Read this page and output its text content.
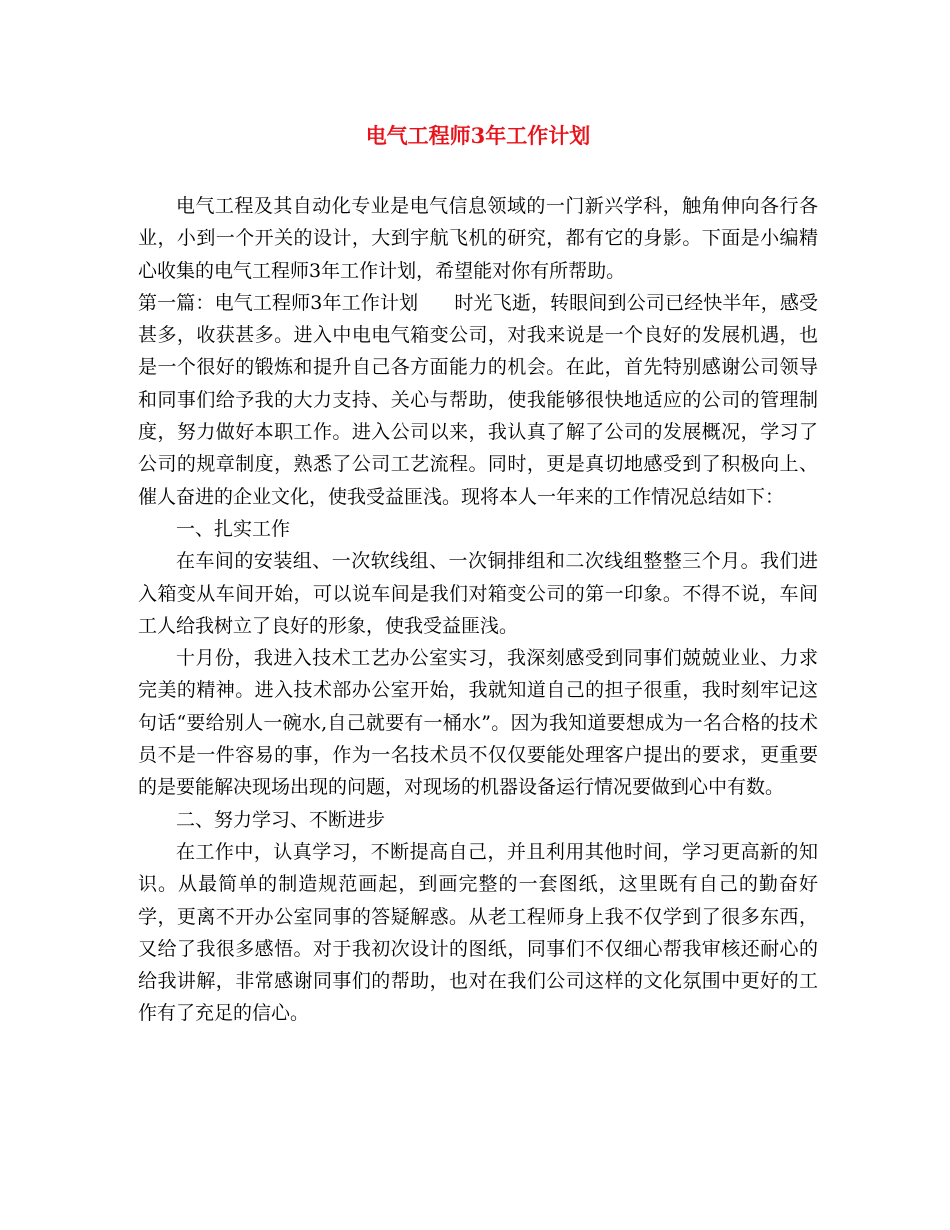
电气工程师3年工作计划

电气工程及其自动化专业是电气信息领域的一门新兴学科，触角伸向各行各业，小到一个开关的设计，大到宇航飞机的研究，都有它的身影。下面是小编精心收集的电气工程师3年工作计划，希望能对你有所帮助。

第一篇：电气工程师3年工作计划 时光飞逝，转眼间到公司已经快半年，感受甚多，收获甚多。进入中电电气箱变公司，对我来说是一个良好的发展机遇，也是一个很好的锻炼和提升自己各方面能力的机会。在此，首先特别感谢公司领导和同事们给予我的大力支持、关心与帮助，使我能够很快地适应的公司的管理制度，努力做好本职工作。进入公司以来，我认真了解了公司的发展概况，学习了公司的规章制度，熟悉了公司工艺流程。同时，更是真切地感受到了积极向上、催人奋进的企业文化，使我受益匪浅。现将本人一年来的工作情况总结如下：

一、扎实工作

在车间的安装组、一次软线组、一次铜排组和二次线组整整三个月。我们进入箱变从车间开始，可以说车间是我们对箱变公司的第一印象。不得不说，车间工人给我树立了良好的形象，使我受益匪浅。

十月份，我进入技术工艺办公室实习，我深刻感受到同事们兢兢业业、力求完美的精神。进入技术部办公室开始，我就知道自己的担子很重，我时刻牢记这句话“要给别人一碗水,自己就要有一桶水”。因为我知道要想成为一名合格的技术员不是一件容易的事，作为一名技术员不仅仅要能处理客户提出的要求，更重要的是要能解决现场出现的问题，对现场的机器设备运行情况要做到心中有数。

二、努力学习、不断进步

在工作中，认真学习，不断提高自己，并且利用其他时间，学习更高新的知识。从最简单的制造规范画起，到画完整的一套图纸，这里既有自己的勤奋好学，更离不开办公室同事的答疑解惑。从老工程师身上我不仅学到了很多东西，又给了我很多感悟。对于我初次设计的图纸，同事们不仅细心帮我审核还耐心的给我讲解，非常感谢同事们的帮助，也对在我们公司这样的文化氛围中更好的工作有了充足的信心。
